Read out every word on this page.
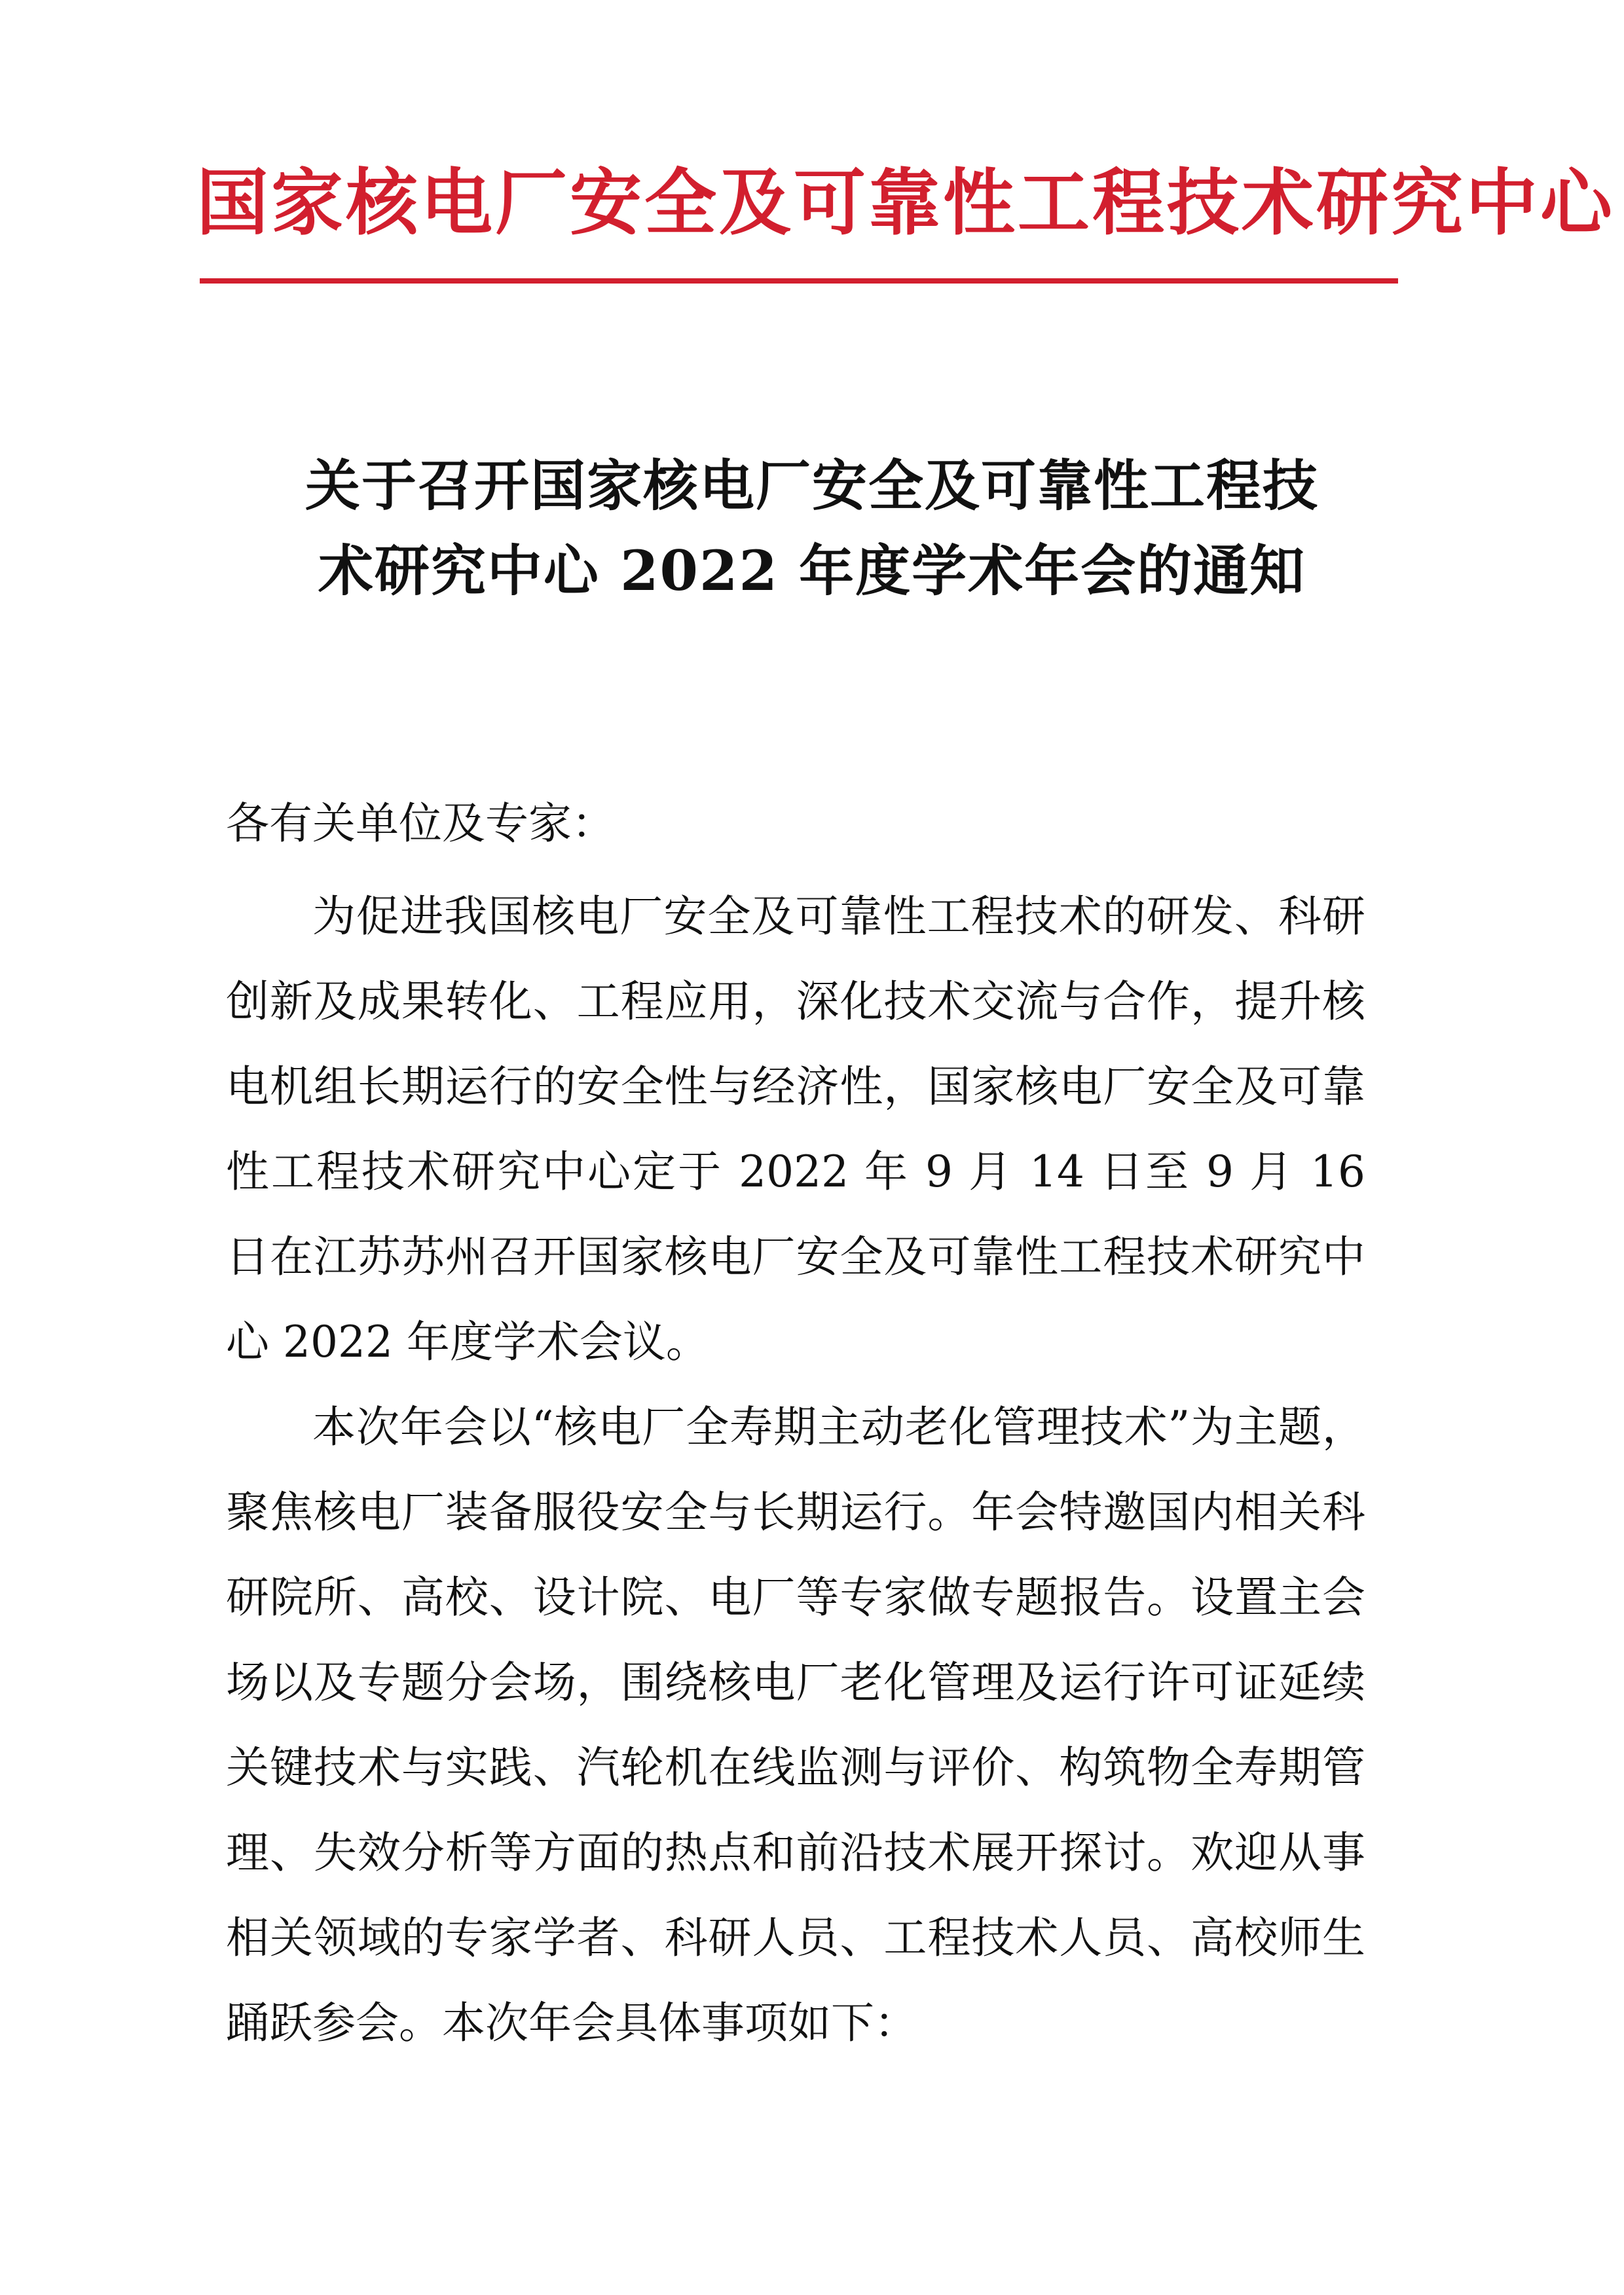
国家核电厂安全及可靠性工程技术研究中心
关于召开国家核电厂安全及可靠性工程技
术研究中心 2022 年度学术年会的通知
各有关单位及专家：

为促进我国核电厂安全及可靠性工程技术的研发、科研创新及成果转化、工程应用，深化技术交流与合作，提升核电机组长期运行的安全性与经济性，国家核电厂安全及可靠性工程技术研究中心定于 2022 年 9 月 14 日至 9 月 16 日在江苏苏州召开国家核电厂安全及可靠性工程技术研究中心 2022 年度学术会议。

本次年会以“核电厂全寿期主动老化管理技术”为主题，聚焦核电厂装备服役安全与长期运行。年会特邀国内相关科研院所、高校、设计院、电厂等专家做专题报告。设置主会场以及专题分会场，围绕核电厂老化管理及运行许可证延续关键技术与实践、汽轮机在线监测与评价、构筑物全寿期管理、失效分析等方面的热点和前沿技术展开探讨。欢迎从事相关领域的专家学者、科研人员、工程技术人员、高校师生踊跃参会。本次年会具体事项如下：
